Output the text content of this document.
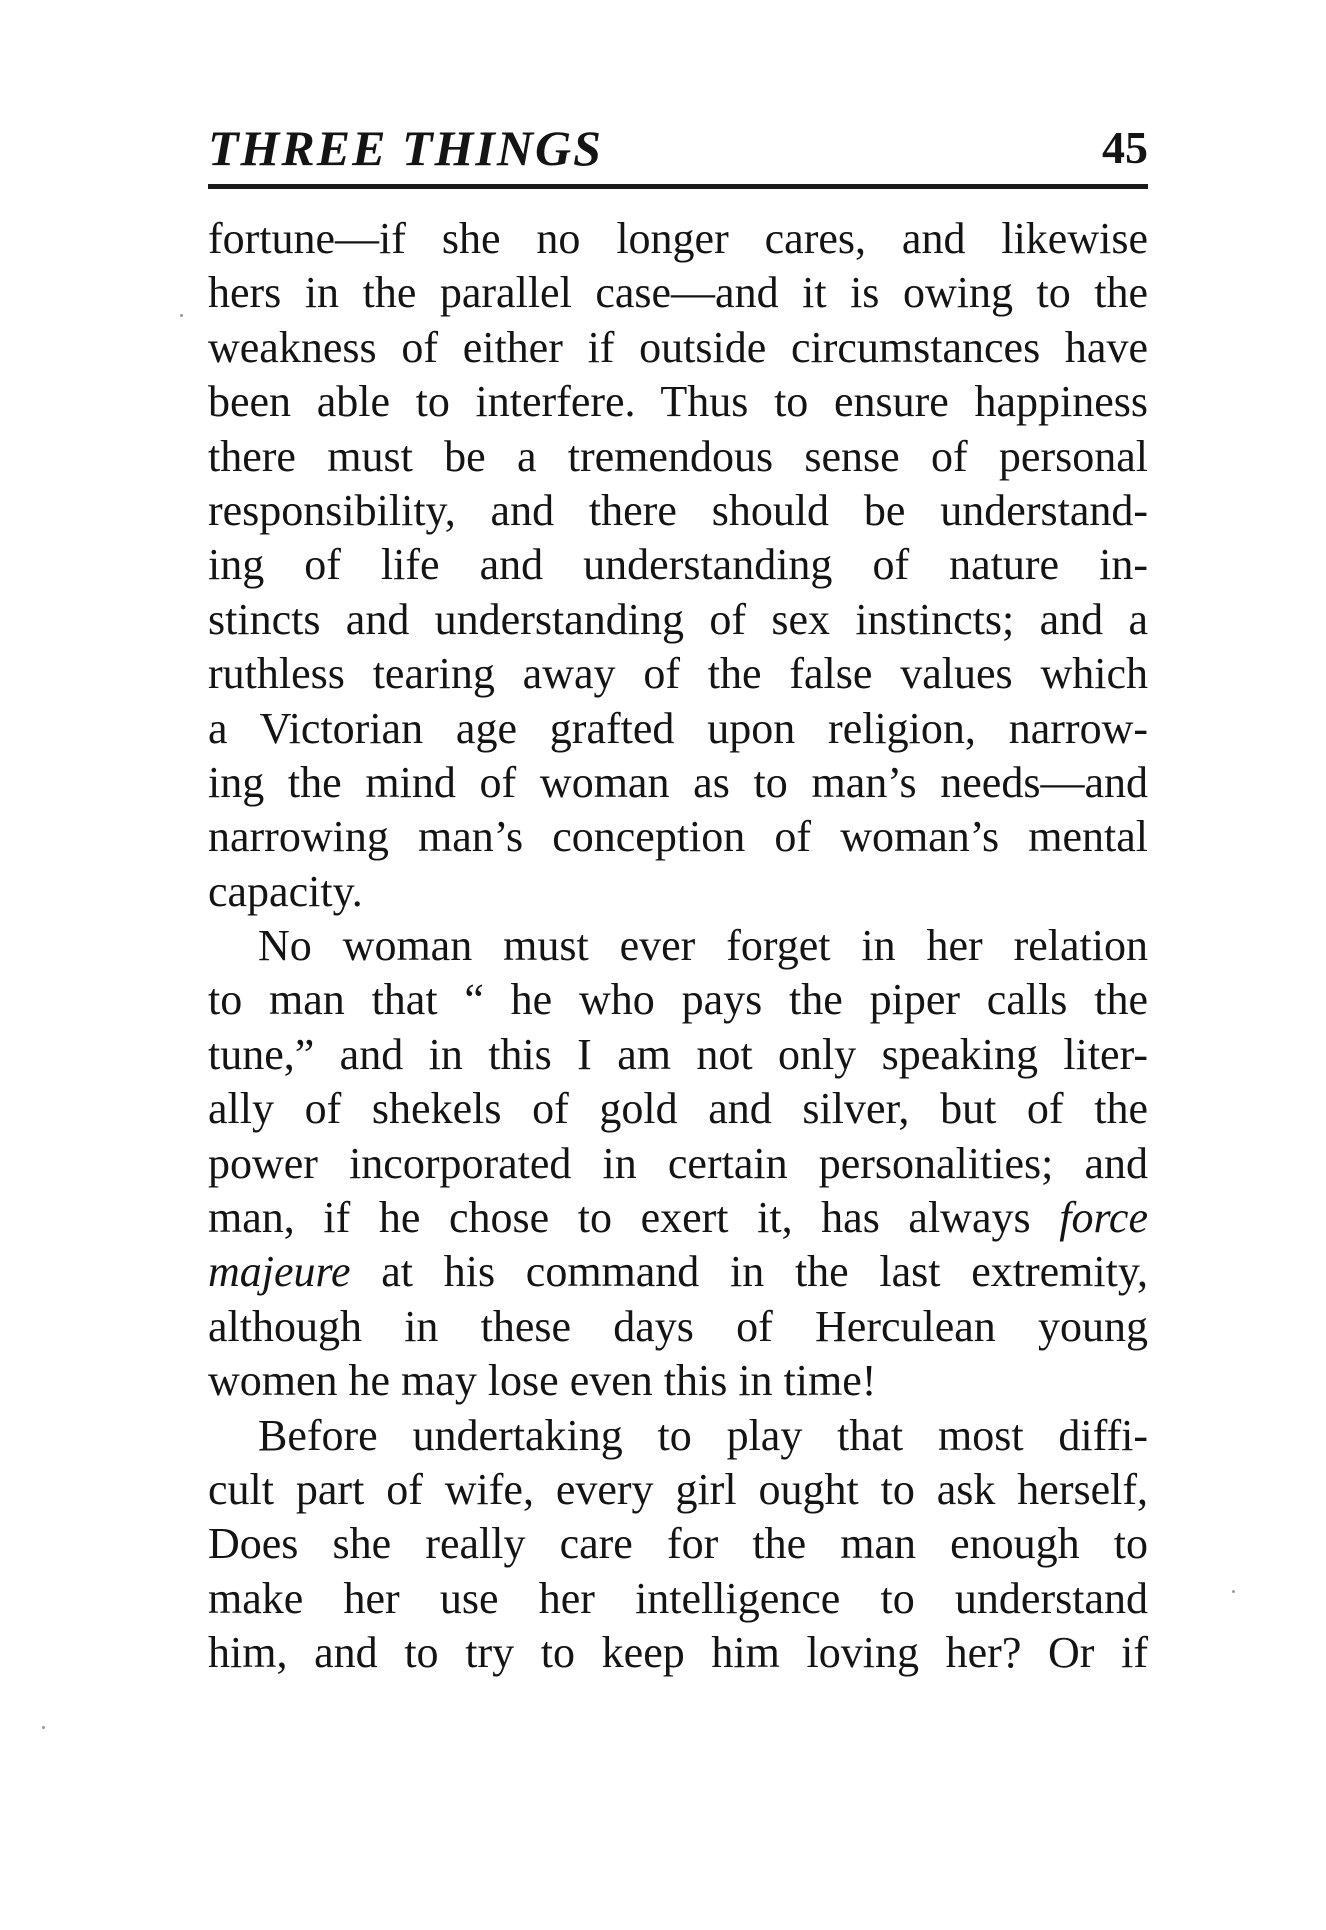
THREE THINGS	45
fortune—if she no longer cares, and likewise
hers in the parallel case—and it is owing to the
weakness of either if outside circumstances have
been able to interfere. Thus to ensure happiness
there must be a tremendous sense of personal
responsibility, and there should be understand-
ing of life and understanding of nature in-
stincts and understanding of sex instincts; and a
ruthless tearing away of the false values which
a Victorian age grafted upon religion, narrow-
ing the mind of woman as to man’s needs—and
narrowing man’s conception of woman’s mental
capacity.
No woman must ever forget in her relation
to man that “ he who pays the piper calls the
tune,” and in this I am not only speaking liter-
ally of shekels of gold and silver, but of the
power incorporated in certain personalities; and
man, if he chose to exert it, has always force
majeure at his command in the last extremity,
although in these days of Herculean young
women he may lose even this in time!
Before undertaking to play that most diffi-
cult part of wife, every girl ought to ask herself,
Does she really care for the man enough to
make her use her intelligence to understand
him, and to try to keep him loving her? Or if
